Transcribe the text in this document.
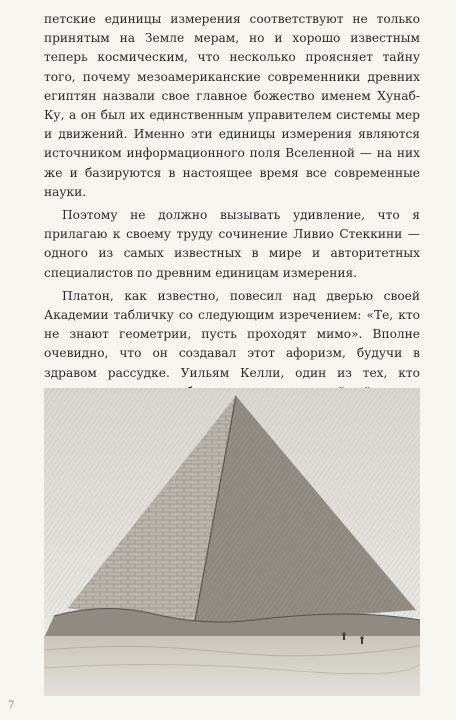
петские единицы измерения соответствуют не только принятым на Земле мерам, но и хорошо известным теперь космическим, что несколько проясняет тайну того, почему мезоамериканские современники древних египтян назвали свое главное божество именем Хунаб-Ку, а он был их единственным управителем системы мер и движений. Именно эти единицы измерения являются источником информационного поля Вселенной — на них же и базируются в настоящее время все современные науки.

Поэтому не должно вызывать удивление, что я прилагаю к своему труду сочинение Ливио Стеккини — одного из самых известных в мире и авторитетных специалистов по древним единицам измерения.

Платон, как известно, повесил над дверью своей Академии табличку со следующим изречением: «Те, кто не знают геометрии, пусть проходят мимо». Вполне очевидно, что он создавал этот афоризм, будучи в здравом рассудке. Уильям Келли, один из тех, кто

7
